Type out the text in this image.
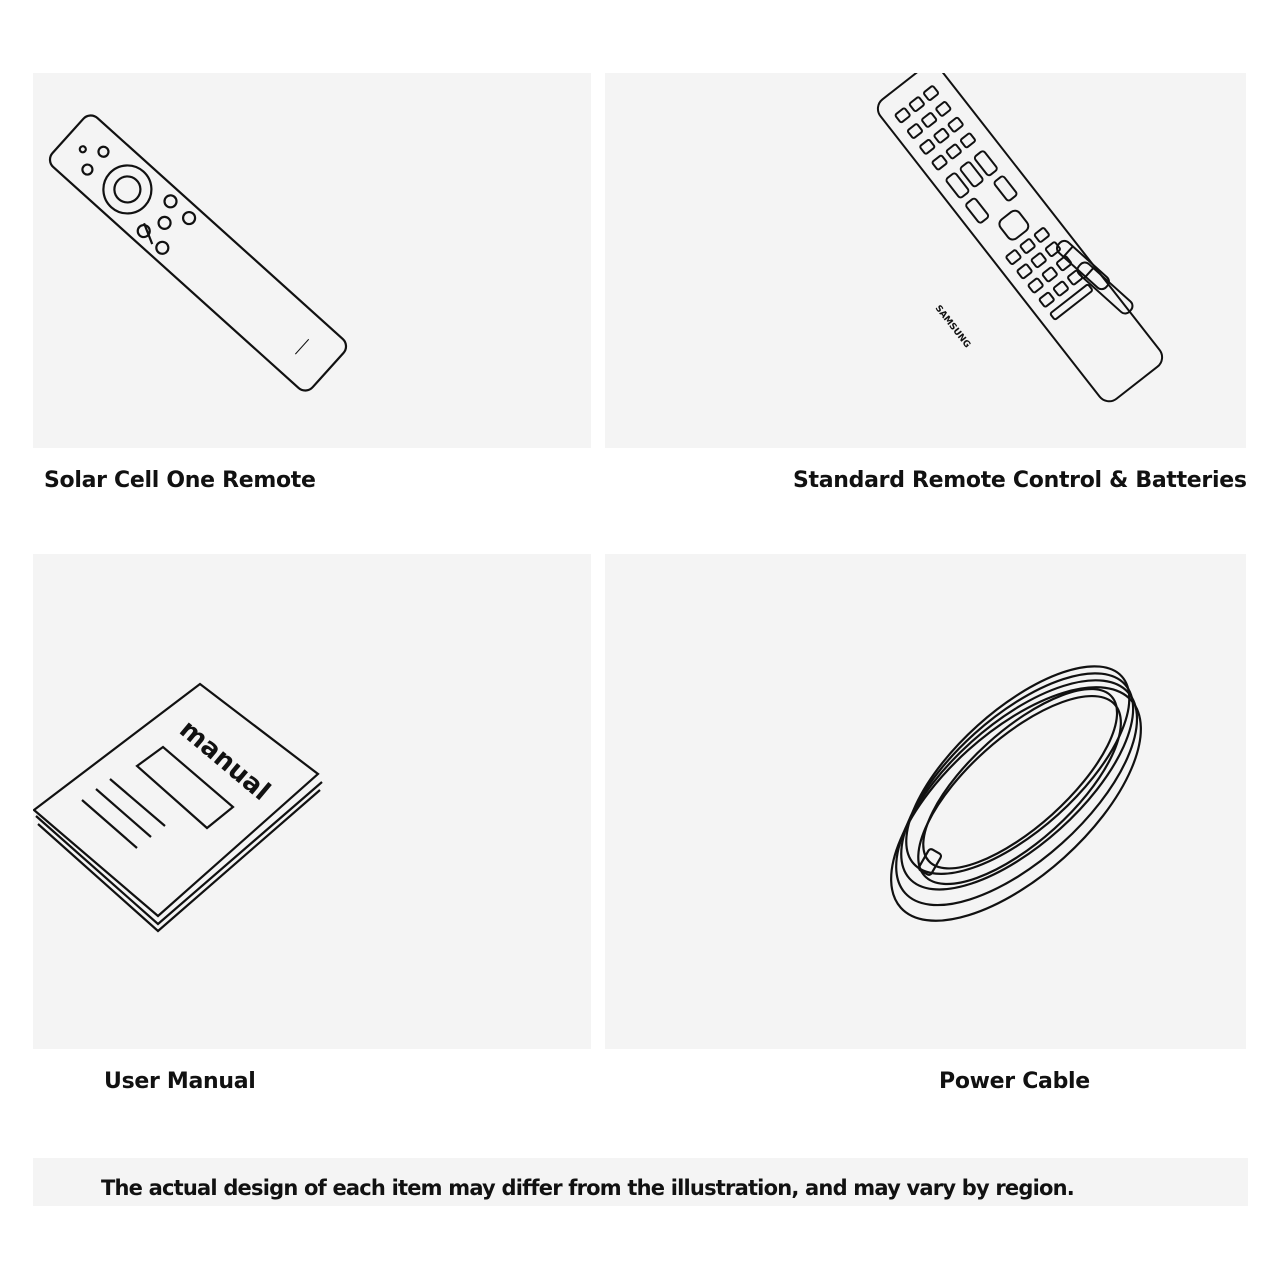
Solar Cell One Remote
SAMSUNG
Standard Remote Control & Batteries
manual
User Manual	Power Cable
The actual design of each item may differ from the illustration, and may vary by region.
